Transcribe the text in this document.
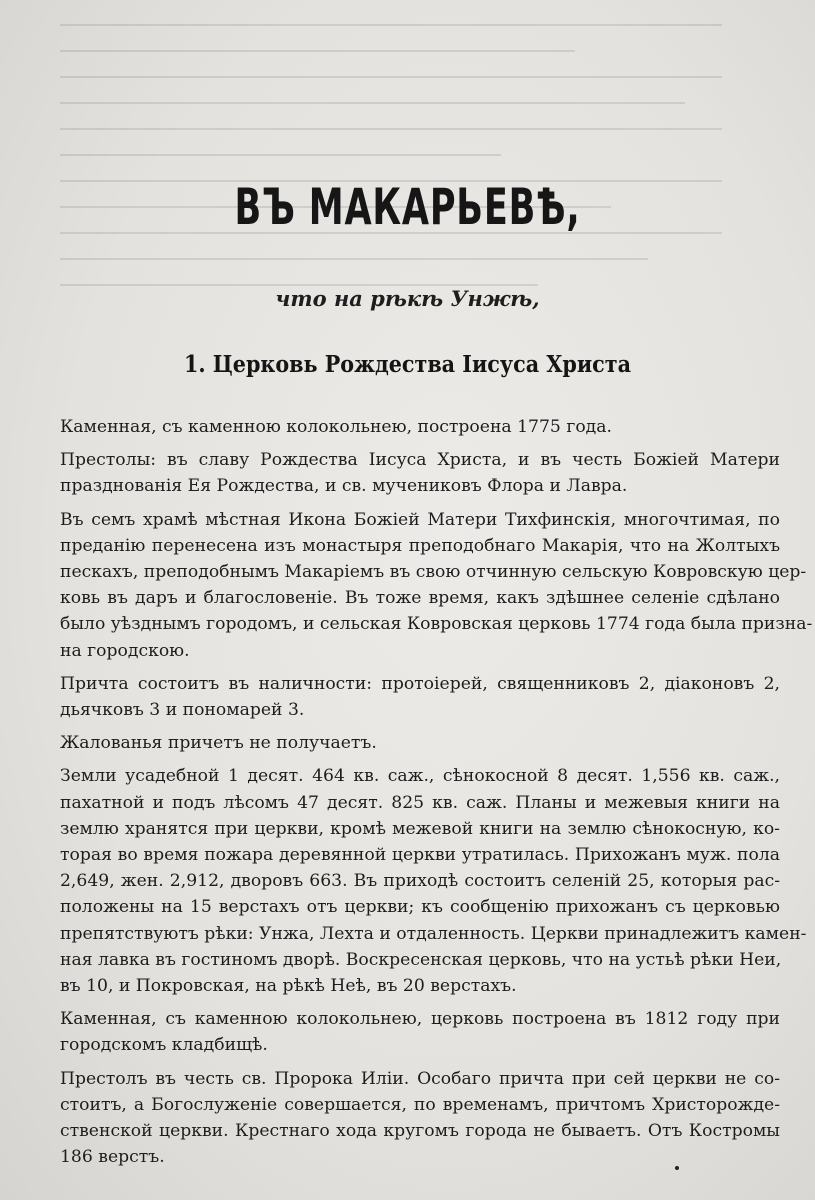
ВЪ МАКАРЬЕВѢ,
что на рѣкѣ Унжѣ,
1. Церковь Рождества Іисуса Христа

Каменная, съ каменною колокольнею, построена 1775 года.

Престолы: въ славу Рождества Іисуса Христа, и въ честь Божіей Матери
празднованія Ея Рождества, и св. мучениковъ Флора и Лавра.

Въ семъ храмѣ мѣстная Икона Божіей Матери Тихфинскія, многочтимая, по
преданію перенесена изъ монастыря преподобнаго Макарія, что на Жолтыхъ
пескахъ, преподобнымъ Макаріемъ въ свою отчинную сельскую Ковровскую цер-
ковь въ даръ и благословеніе. Въ тоже время, какъ здѣшнее селеніе сдѣлано
было уѣзднымъ городомъ, и сельская Ковровская церковь 1774 года была призна-
на городскою.

Причта состоитъ въ наличности: протоіерей, священниковъ 2, діаконовъ 2,
дьячковъ 3 и пономарей 3.

Жалованья причетъ не получаетъ.

Земли усадебной 1 десят. 464 кв. саж., сѣнокосной 8 десят. 1,556 кв. саж.,
пахатной и подъ лѣсомъ 47 десят. 825 кв. саж. Планы и межевыя книги на
землю хранятся при церкви, кромѣ межевой книги на землю сѣнокосную, ко-
торая во время пожара деревянной церкви утратилась. Прихожанъ муж. пола
2,649, жен. 2,912, дворовъ 663. Въ приходѣ состоитъ селеній 25, которыя рас-
положены на 15 верстахъ отъ церкви; къ сообщенію прихожанъ съ церковью
препятствуютъ рѣки: Унжа, Лехта и отдаленность. Церкви принадлежитъ камен-
ная лавка въ гостиномъ дворѣ. Воскресенская церковь, что на устьѣ рѣки Неи,
въ 10, и Покровская, на рѣкѣ Неѣ, въ 20 верстахъ.

Каменная, съ каменною колокольнею, церковь построена въ 1812 году при
городскомъ кладбищѣ.

Престолъ въ честь св. Пророка Иліи. Особаго причта при сей церкви не со-
стоитъ, а Богослуженіе совершается, по временамъ, причтомъ Христорожде-
ственской церкви. Крестнаго хода кругомъ города не бываетъ. Отъ Костромы
186 верстъ.
